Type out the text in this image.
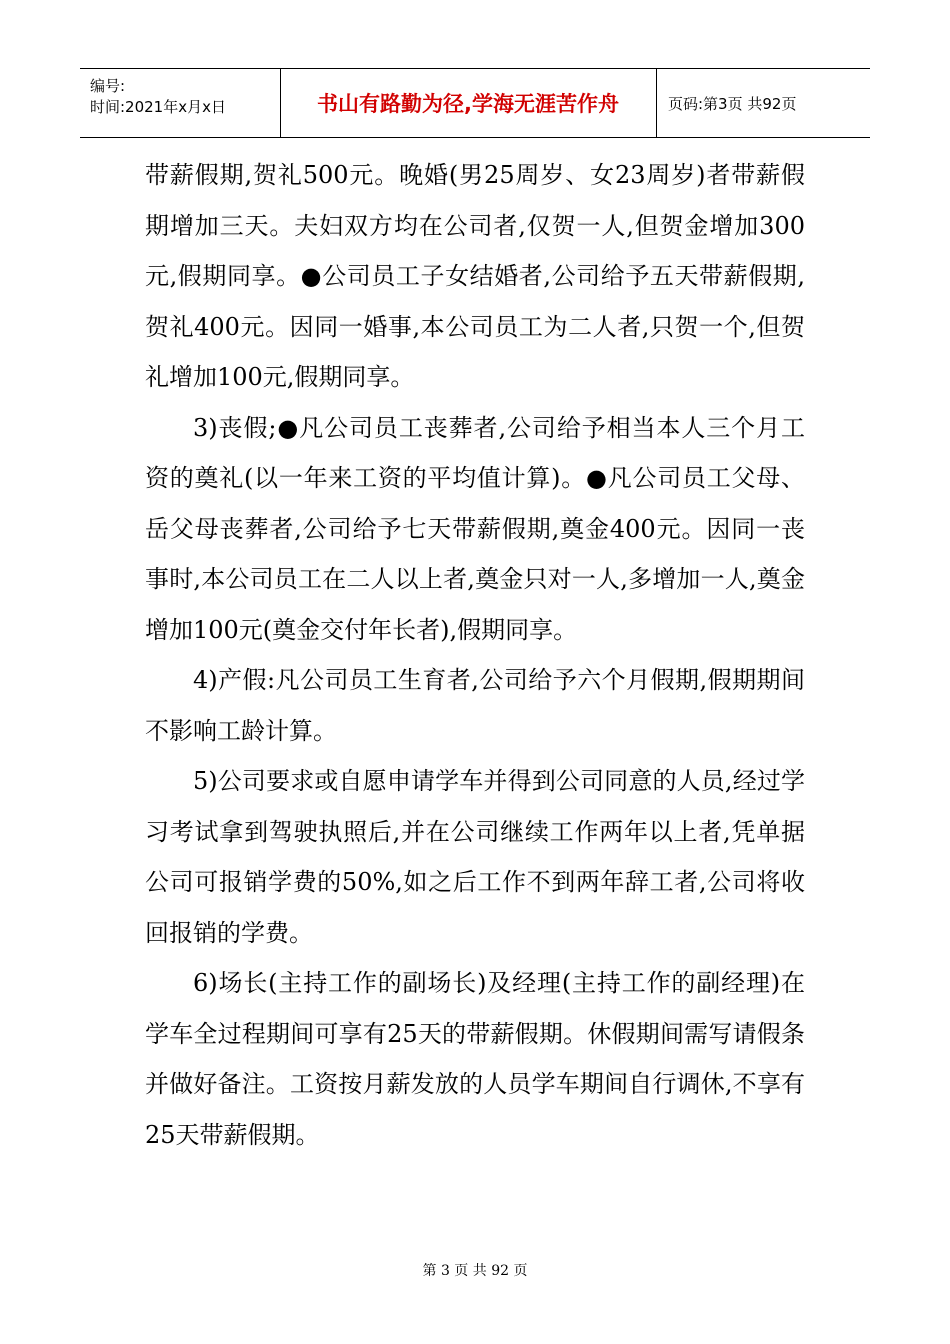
编号:
时间:2021年x月x日	书山有路勤为径,学海无涯苦作舟	页码:第3页 共92页

带薪假期,贺礼500元。晚婚(男25周岁、女23周岁)者带薪假期增加三天。夫妇双方均在公司者,仅贺一人,但贺金增加300元,假期同享。●公司员工子女结婚者,公司给予五天带薪假期,贺礼400元。因同一婚事,本公司员工为二人者,只贺一个,但贺礼增加100元,假期同享。

3)丧假;●凡公司员工丧葬者,公司给予相当本人三个月工资的奠礼(以一年来工资的平均值计算)。●凡公司员工父母、岳父母丧葬者,公司给予七天带薪假期,奠金400元。因同一丧事时,本公司员工在二人以上者,奠金只对一人,多增加一人,奠金增加100元(奠金交付年长者),假期同享。

4)产假:凡公司员工生育者,公司给予六个月假期,假期期间不影响工龄计算。

5)公司要求或自愿申请学车并得到公司同意的人员,经过学习考试拿到驾驶执照后,并在公司继续工作两年以上者,凭单据公司可报销学费的50%,如之后工作不到两年辞工者,公司将收回报销的学费。

6)场长(主持工作的副场长)及经理(主持工作的副经理)在学车全过程期间可享有25天的带薪假期。休假期间需写请假条并做好备注。工资按月薪发放的人员学车期间自行调休,不享有25天带薪假期。

第 3 页 共 92 页
